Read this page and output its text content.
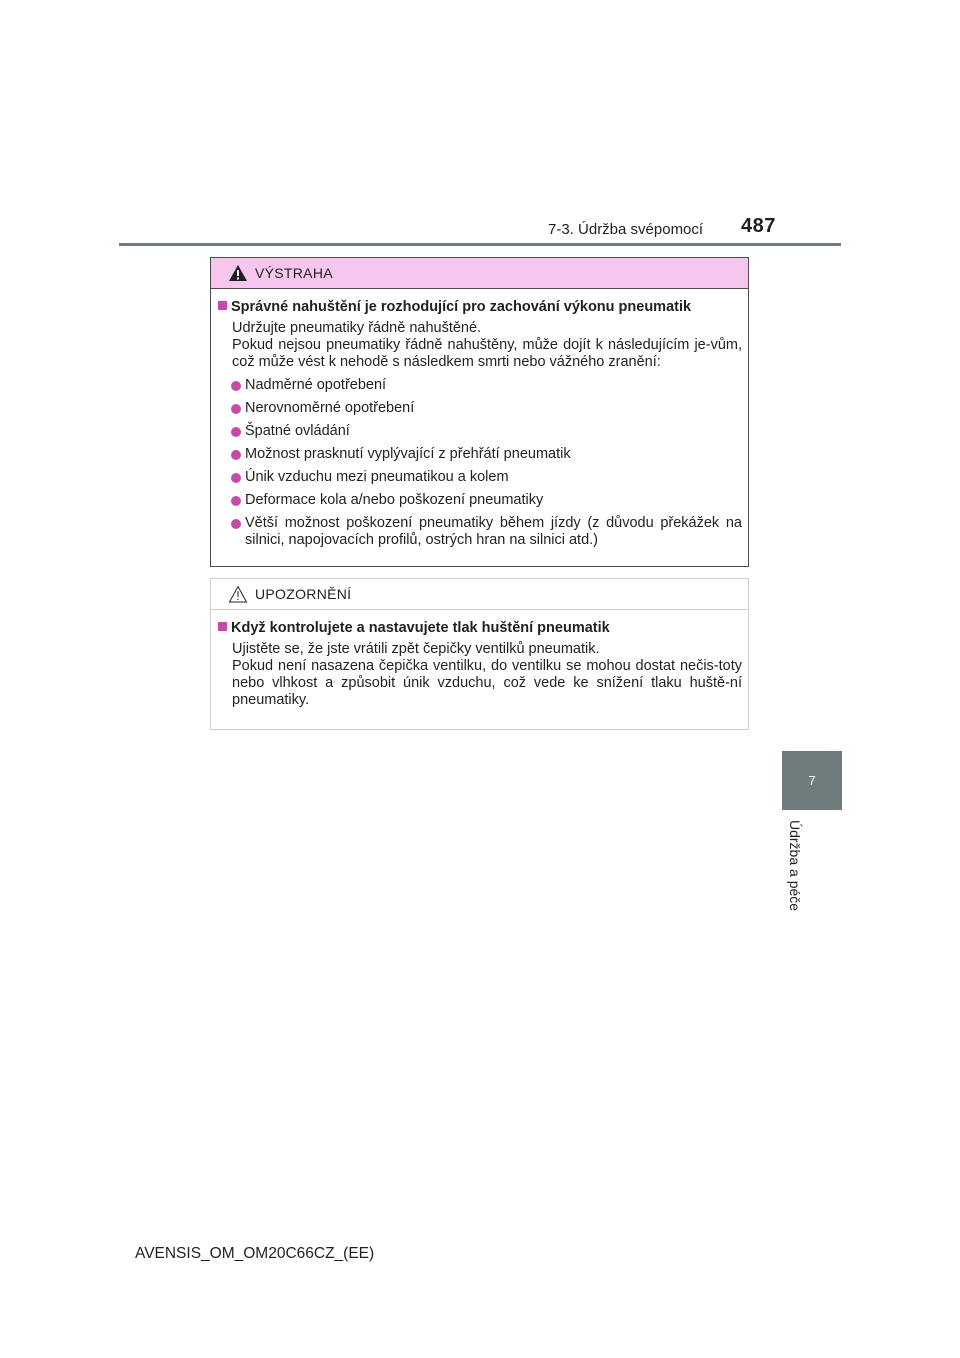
7-3. Údržba svépomocí 487
7
Údržba a péče
VÝSTRAHA
Správné nahuštění je rozhodující pro zachování výkonu pneumatik
Udržujte pneumatiky řádně nahuštěné.
Pokud nejsou pneumatiky řádně nahuštěny, může dojít k následujícím je-vům, což může vést k nehodě s následkem smrti nebo vážného zranění:
Nadměrné opotřebení
Nerovnoměrné opotřebení
Špatné ovládání
Možnost prasknutí vyplývající z přehřátí pneumatik
Únik vzduchu mezi pneumatikou a kolem
Deformace kola a/nebo poškození pneumatiky
Větší možnost poškození pneumatiky během jízdy (z důvodu překážek na silnici, napojovacích profilů, ostrých hran na silnici atd.)
UPOZORNĚNÍ
Když kontrolujete a nastavujete tlak huštění pneumatik
Ujistěte se, že jste vrátili zpět čepičky ventilků pneumatik.
Pokud není nasazena čepička ventilku, do ventilku se mohou dostat nečis-toty nebo vlhkost a způsobit únik vzduchu, což vede ke snížení tlaku huště-ní pneumatiky.
AVENSIS_OM_OM20C66CZ_(EE)
